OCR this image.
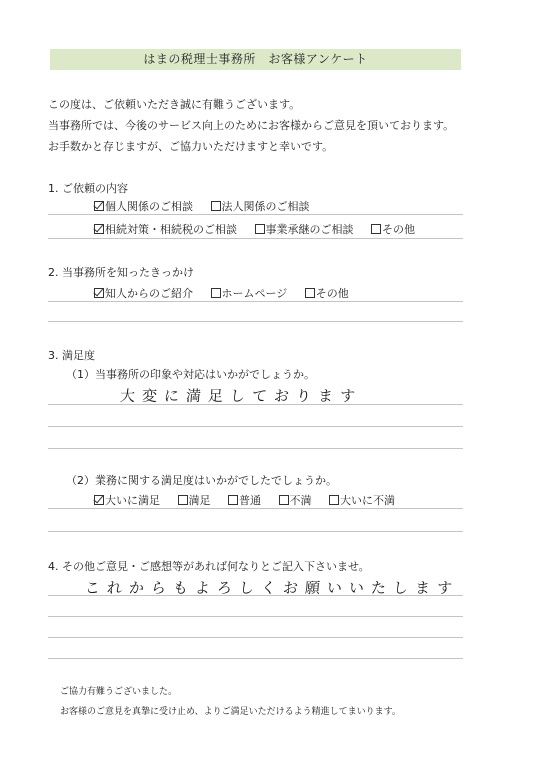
はまの税理士事務所　お客様アンケート
この度は、ご依頼いただき誠に有難うございます。
当事務所では、今後のサービス向上のためにお客様からご意見を頂いております。
お手数かと存じますが、ご協力いただけますと幸いです。
1. ご依頼の内容
個人関係のご相談	法人関係のご相談
相続対策・相続税のご相談	事業承継のご相談	その他
2. 当事務所を知ったきっかけ
知人からのご紹介	ホームページ	その他
3. 満足度
（1）当事務所の印象や対応はいかがでしょうか。
大変に満足しております
（2）業務に関する満足度はいかがでしたでしょうか。
大いに満足	満足	普通	不満	大いに不満
4. その他ご意見・ご感想等があれば何なりとご記入下さいませ。
これからもよろしくお願いいたします
ご協力有難うございました。
お客様のご意見を真摯に受け止め、よりご満足いただけるよう精進してまいります。
